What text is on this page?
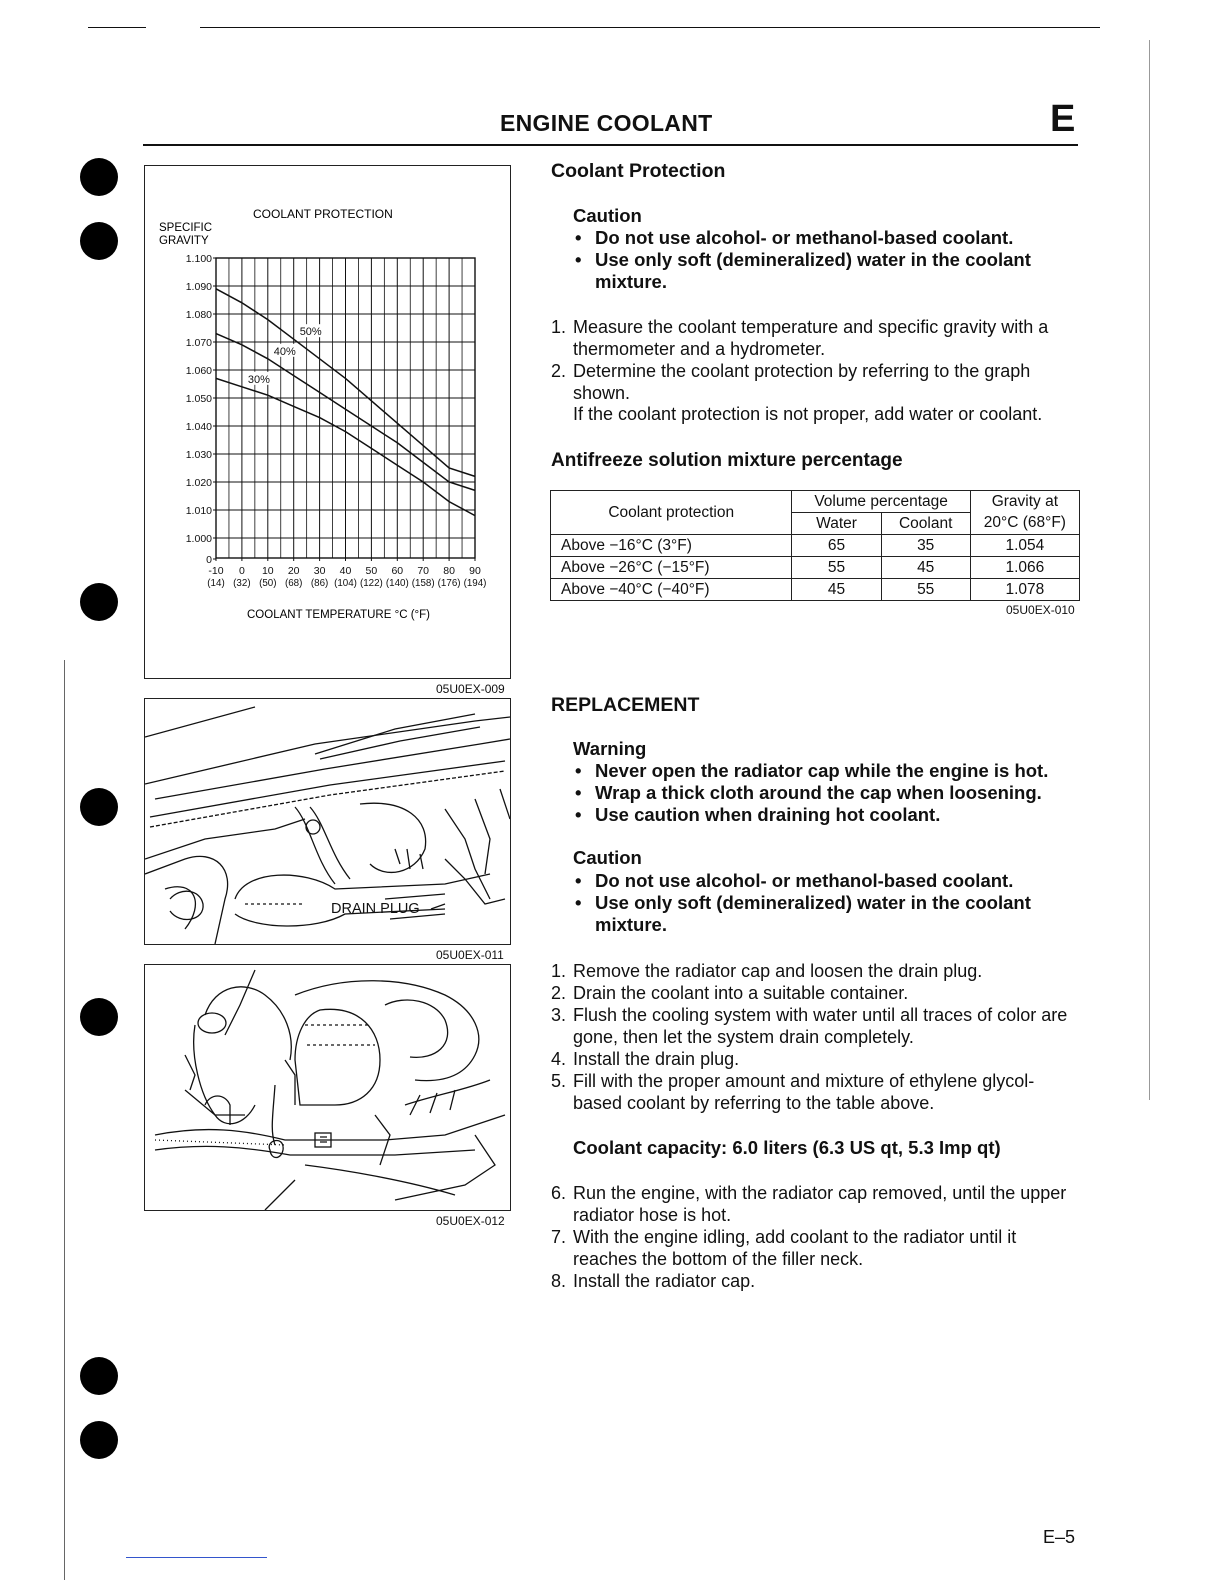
ENGINE COOLANT	E
COOLANT PROTECTION
SPECIFIC
GRAVITY
1.100
1.090
1.080
1.070
1.060
1.050
1.040
1.030
1.020
1.010
1.000
0
-10 0 10 20 30 40 50 60 70 80 90
(14) (32) (50) (68) (86) (104) (122) (140) (158) (176) (194)
50%
40%
30%
COOLANT TEMPERATURE °C (°F)
05U0EX-009
DRAIN PLUG
05U0EX-011
05U0EX-012
Coolant Protection
Caution
• Do not use alcohol- or methanol-based coolant.
• Use only soft (demineralized) water in the coolant mixture.
1. Measure the coolant temperature and specific gravity with a thermometer and a hydrometer.
2. Determine the coolant protection by referring to the graph shown.
If the coolant protection is not proper, add water or coolant.
Antifreeze solution mixture percentage
Coolant protection	Volume percentage		Gravity at
	Water	Coolant	20°C (68°F)
Above −16°C (3°F)	65	35	1.054
Above −26°C (−15°F)	55	45	1.066
Above −40°C (−40°F)	45	55	1.078
05U0EX-010
REPLACEMENT
Warning
• Never open the radiator cap while the engine is hot.
• Wrap a thick cloth around the cap when loosening.
• Use caution when draining hot coolant.
Caution
• Do not use alcohol- or methanol-based coolant.
• Use only soft (demineralized) water in the coolant mixture.
1. Remove the radiator cap and loosen the drain plug.
2. Drain the coolant into a suitable container.
3. Flush the cooling system with water until all traces of color are gone, then let the system drain completely.
4. Install the drain plug.
5. Fill with the proper amount and mixture of ethylene glycol-based coolant by referring to the table above.
Coolant capacity: 6.0 liters (6.3 US qt, 5.3 Imp qt)
6. Run the engine, with the radiator cap removed, until the upper radiator hose is hot.
7. With the engine idling, add coolant to the radiator until it reaches the bottom of the filler neck.
8. Install the radiator cap.
E–5
